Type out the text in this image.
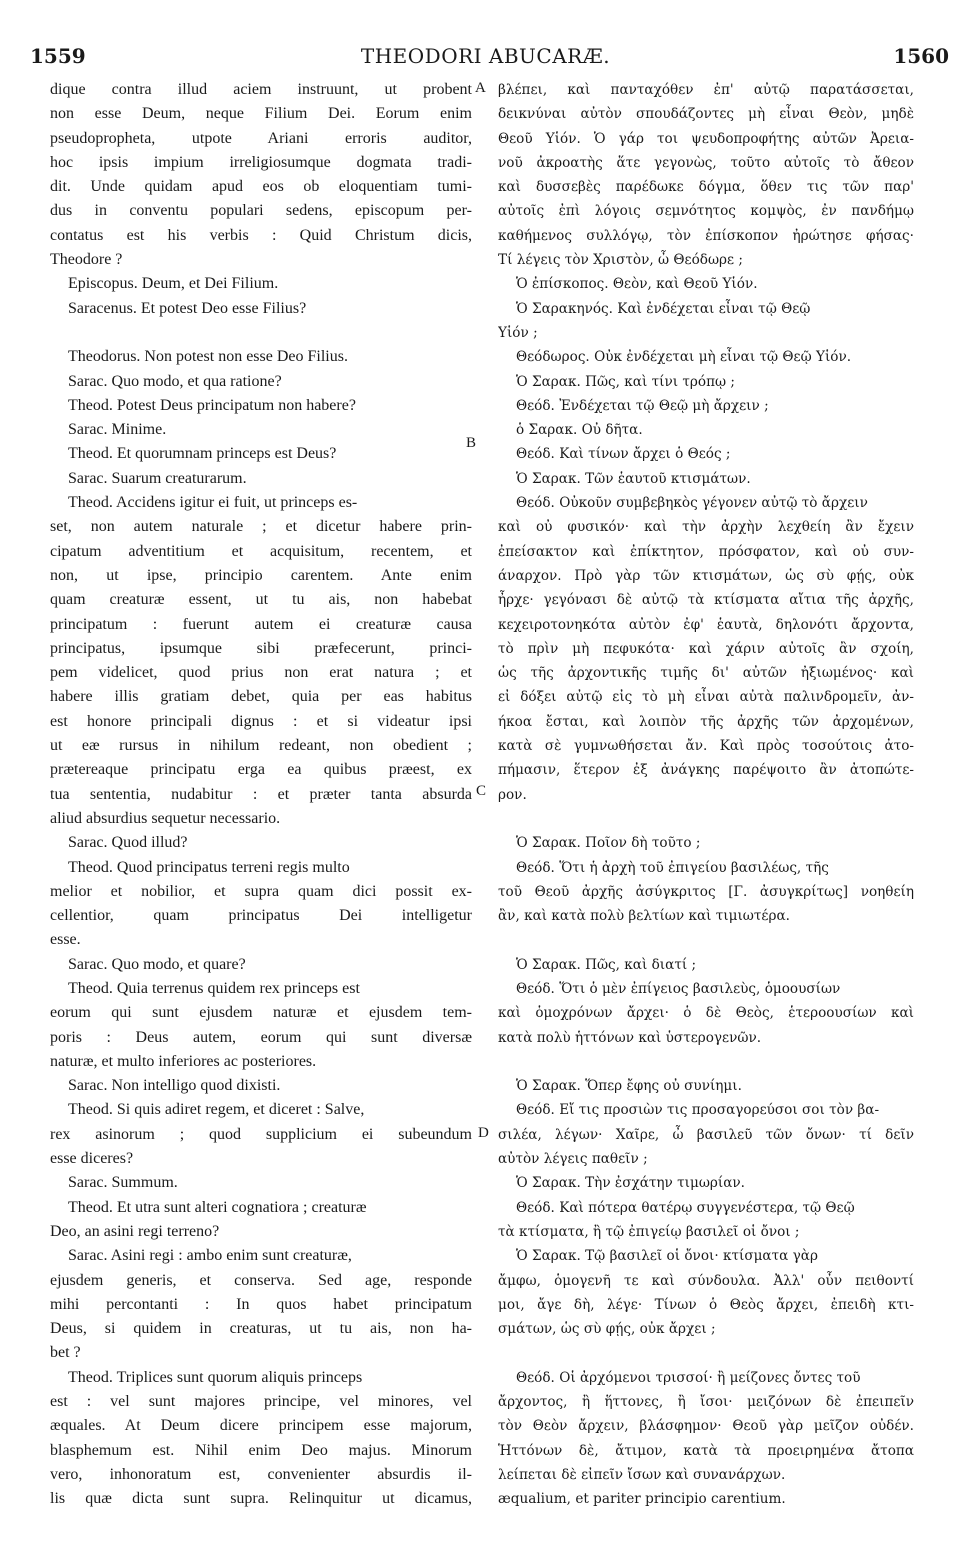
1559	THEODORI ABUCARÆ.	1560
dique contra illud aciem instruunt, ut probent
non esse Deum, neque Filium Dei. Eorum enim
pseudopropheta, utpote Ariani erroris auditor,
hoc ipsis impium irreligiosumque dogmata tradi-
dit. Unde quidam apud eos ob eloquentiam tumi-
dus in conventu populari sedens, episcopum per-
contatus est his verbis : Quid Christum dicis,
Theodore ?
Episcopus. Deum, et Dei Filium.
Saracenus. Et potest Deo esse Filius?
Theodorus. Non potest non esse Deo Filius.
Sarac. Quo modo, et qua ratione?
Theod. Potest Deus principatum non habere?
Sarac. Minime.
Theod. Et quorumnam princeps est Deus?
Sarac. Suarum creaturarum.
Theod. Accidens igitur ei fuit, ut princeps es-
set, non autem naturale ; et dicetur habere prin-
cipatum adventitium et acquisitum, recentem, et
non, ut ipse, principio carentem. Ante enim
quam creaturæ essent, ut tu ais, non habebat
principatum : fuerunt autem ei creaturæ causa
principatus, ipsumque sibi præfecerunt, princi-
pem videlicet, quod prius non erat natura ; et
habere illis gratiam debet, quia per eas habitus
est honore principali dignus : et si videatur ipsi
ut eæ rursus in nihilum redeant, non obedient ;
prætereaque principatu erga ea quibus præest, ex
tua sententia, nudabitur : et præter tanta absurda
aliud absurdius sequetur necessario.
Sarac. Quod illud?
Theod. Quod principatus terreni regis multo
melior et nobilior, et supra quam dici possit ex-
cellentior, quam principatus Dei intelligetur
esse.
Sarac. Quo modo, et quare?
Theod. Quia terrenus quidem rex princeps est
eorum qui sunt ejusdem naturæ et ejusdem tem-
poris : Deus autem, eorum qui sunt diversæ
naturæ, et multo inferiores ac posteriores.
Sarac. Non intelligo quod dixisti.
Theod. Si quis adiret regem, et diceret : Salve,
rex asinorum ; quod supplicium ei subeundum
esse diceres?
Sarac. Summum.
Theod. Et utra sunt alteri cognatiora ; creaturæ
Deo, an asini regi terreno?
Sarac. Asini regi : ambo enim sunt creaturæ,
ejusdem generis, et conserva. Sed age, responde
mihi percontanti : In quos habet principatum
Deus, si quidem in creaturas, ut tu ais, non ha-
bet ?
Theod. Triplices sunt quorum aliquis princeps
est : vel sunt majores principe, vel minores, vel
æquales. At Deum dicere principem esse majorum,
blasphemum est. Nihil enim Deo majus. Minorum
vero, inhonoratum est, convenienter absurdis il-
lis quæ dicta sunt supra. Relinquitur ut dicamus,
βλέπει, καὶ πανταχόθεν ἐπ' αὐτῷ παρατάσσεται,
δεικνύναι αὐτὸν σπουδάζοντες μὴ εἶναι Θεὸν, μηδὲ
Θεοῦ Υἱόν. Ὁ γάρ τοι ψευδοπροφήτης αὐτῶν Ἀρεια-
νοῦ ἀκροατὴς ἅτε γεγονὼς, τοῦτο αὐτοῖς τὸ ἄθεον
καὶ δυσσεβὲς παρέδωκε δόγμα, ὅθεν τις τῶν παρ'
αὐτοῖς ἐπὶ λόγοις σεμνότητος κομψὸς, ἐν πανδήμῳ
καθήμενος συλλόγῳ, τὸν ἐπίσκοπον ἠρώτησε φήσας·
Τί λέγεις τὸν Χριστὸν, ὦ Θεόδωρε ;
Ὁ ἐπίσκοπος. Θεὸν, καὶ Θεοῦ Υἱόν.
Ὁ Σαρακηνός. Καὶ ἐνδέχεται εἶναι τῷ Θεῷ
Υἱόν ;
Θεόδωρος. Οὐκ ἐνδέχεται μὴ εἶναι τῷ Θεῷ Υἱόν.
Ὁ Σαρακ. Πῶς, καὶ τίνι τρόπῳ ;
Θεόδ. Ἐνδέχεται τῷ Θεῷ μὴ ἄρχειν ;
ὁ Σαρακ. Οὐ δῆτα.
Θεόδ. Καὶ τίνων ἄρχει ὁ Θεός ;
Ὁ Σαρακ. Τῶν ἑαυτοῦ κτισμάτων.
Θεόδ. Οὐκοῦν συμβεβηκὸς γέγονεν αὐτῷ τὸ ἄρχειν
καὶ οὐ φυσικόν· καὶ τὴν ἀρχὴν λεχθείη ἂν ἔχειν
ἐπείσακτον καὶ ἐπίκτητον, πρόσφατον, καὶ οὐ συν-
άναρχον. Πρὸ γὰρ τῶν κτισμάτων, ὡς σὺ φῄς, οὐκ
ἦρχε· γεγόνασι δὲ αὐτῷ τὰ κτίσματα αἴτια τῆς ἀρχῆς,
κεχειροτονηκότα αὐτὸν ἐφ' ἑαυτὰ, δηλονότι ἄρχοντα,
τὸ πρὶν μὴ πεφυκότα· καὶ χάριν αὐτοῖς ἂν σχοίη,
ὡς τῆς ἀρχοντικῆς τιμῆς δι' αὐτῶν ἠξιωμένος· καὶ
εἰ δόξει αὐτῷ εἰς τὸ μὴ εἶναι αὐτὰ παλινδρομεῖν, ἀν-
ήκοα ἔσται, καὶ λοιπὸν τῆς ἀρχῆς τῶν ἀρχομένων,
κατὰ σὲ γυμνωθήσεται ἄν. Καὶ πρὸς τοσούτοις ἀτο-
πήμασιν, ἕτερον ἐξ ἀνάγκης παρέψοιτο ἂν ἀτοπώτε-
ρον.
Ὁ Σαρακ. Ποῖον δὴ τοῦτο ;
Θεόδ. Ὅτι ἡ ἀρχὴ τοῦ ἐπιγείου βασιλέως, τῆς
τοῦ Θεοῦ ἀρχῆς ἀσύγκριτος [Γ. ἀσυγκρίτως] νοηθείη
ἂν, καὶ κατὰ πολὺ βελτίων καὶ τιμιωτέρα.
Ὁ Σαρακ. Πῶς, καὶ διατί ;
Θεόδ. Ὅτι ὁ μὲν ἐπίγειος βασιλεὺς, ὁμοουσίων
καὶ ὁμοχρόνων ἄρχει· ὁ δὲ Θεὸς, ἑτεροουσίων καὶ
κατὰ πολὺ ἡττόνων καὶ ὑστερογενῶν.
Ὁ Σαρακ. Ὅπερ ἔφης οὐ συνίημι.
Θεόδ. Εἴ τις προσιὼν τις προσαγορεύσοι σοι τὸν βα-
σιλέα, λέγων· Χαῖρε, ὦ βασιλεῦ τῶν ὄνων· τί δεῖν
αὐτὸν λέγεις παθεῖν ;
Ὁ Σαρακ. Τὴν ἐσχάτην τιμωρίαν.
Θεόδ. Καὶ πότερα θατέρῳ συγγενέστερα, τῷ Θεῷ
τὰ κτίσματα, ἢ τῷ ἐπιγείῳ βασιλεῖ οἱ ὄνοι ;
Ὁ Σαρακ. Τῷ βασιλεῖ οἱ ὄνοι· κτίσματα γὰρ
ἄμφω, ὁμογενῆ τε καὶ σύνδουλα. Ἀλλ' οὖν πειθοντί
μοι, ἄγε δὴ, λέγε· Τίνων ὁ Θεὸς ἄρχει, ἐπειδὴ κτι-
σμάτων, ὡς σὺ φῄς, οὐκ ἄρχει ;
Θεόδ. Οἱ ἀρχόμενοι τρισσοί· ἢ μείζονες ὄντες τοῦ
ἄρχοντος, ἢ ἥττονες, ἢ ἴσοι· μειζόνων δὲ ἐπειπεῖν
τὸν Θεὸν ἄρχειν, βλάσφημον· Θεοῦ γὰρ μεῖζον οὐδέν.
Ἡττόνων δὲ, ἄτιμον, κατὰ τὰ προειρημένα ἄτοπα
λείπεται δὲ εἰπεῖν ἴσων καὶ συνανάρχων.
æqualium, et pariter principio carentium.
A
B
C
D
